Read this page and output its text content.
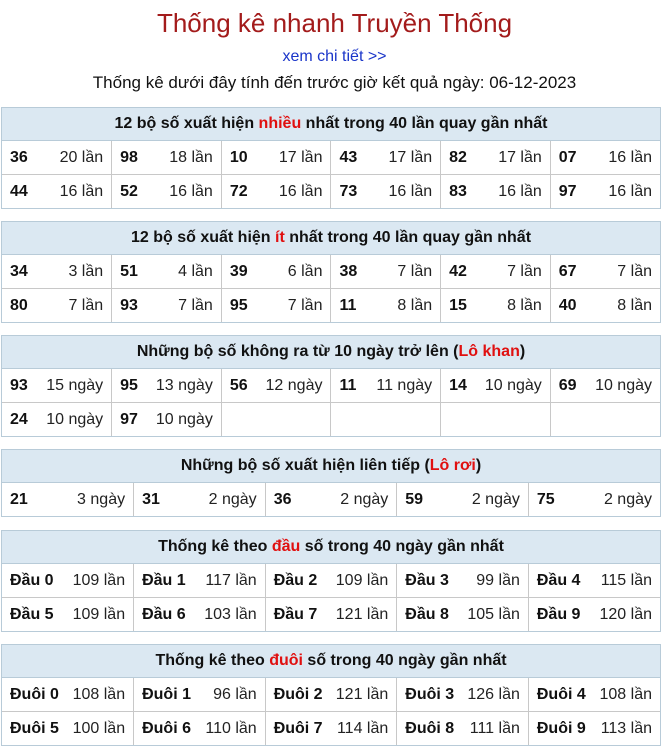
Thống kê nhanh Truyền Thống
xem chi tiết >>
Thống kê dưới đây tính đến trước giờ kết quả ngày: 06-12-2023
12 bộ số xuất hiện nhiều nhất trong 40 lần quay gần nhất
36 20 lần	98 18 lần	10 17 lần	43 17 lần	82 17 lần	07 16 lần

44 16 lần	52 16 lần	72 16 lần	73 16 lần	83 16 lần	97 16 lần
12 bộ số xuất hiện ít nhất trong 40 lần quay gần nhất
34 3 lần	51 4 lần	39 6 lần	38 7 lần	42 7 lần	67 7 lần

80 7 lần	93 7 lần	95 7 lần	11 8 lần	15 8 lần	40 8 lần
Những bộ số không ra từ 10 ngày trở lên (Lô khan)
93 15 ngày	95 13 ngày	56 12 ngày	11 11 ngày	14 10 ngày	69 10 ngày

24 10 ngày	97 10 ngày				

Những bộ số xuất hiện liên tiếp (Lô rơi)
21	3 ngày	31	2 ngày	36	2 ngày	59	2 ngày	75	2 ngày
Thống kê theo đầu số trong 40 ngày gần nhất
Đầu 0 109 lần	Đầu 1 117 lần	Đầu 2 109 lần	Đầu 3 99 lần	Đầu 4 115 lần

Đầu 5 109 lần	Đầu 6 103 lần	Đầu 7 121 lần	Đầu 8 105 lần	Đầu 9 120 lần
Thống kê theo đuôi số trong 40 ngày gần nhất
Đuôi 0 108 lần	Đuôi 1 96 lần	Đuôi 2 121 lần	Đuôi 3 126 lần	Đuôi 4 108 lần

Đuôi 5 100 lần	Đuôi 6 110 lần	Đuôi 7 114 lần	Đuôi 8 111 lần	Đuôi 9 113 lần
